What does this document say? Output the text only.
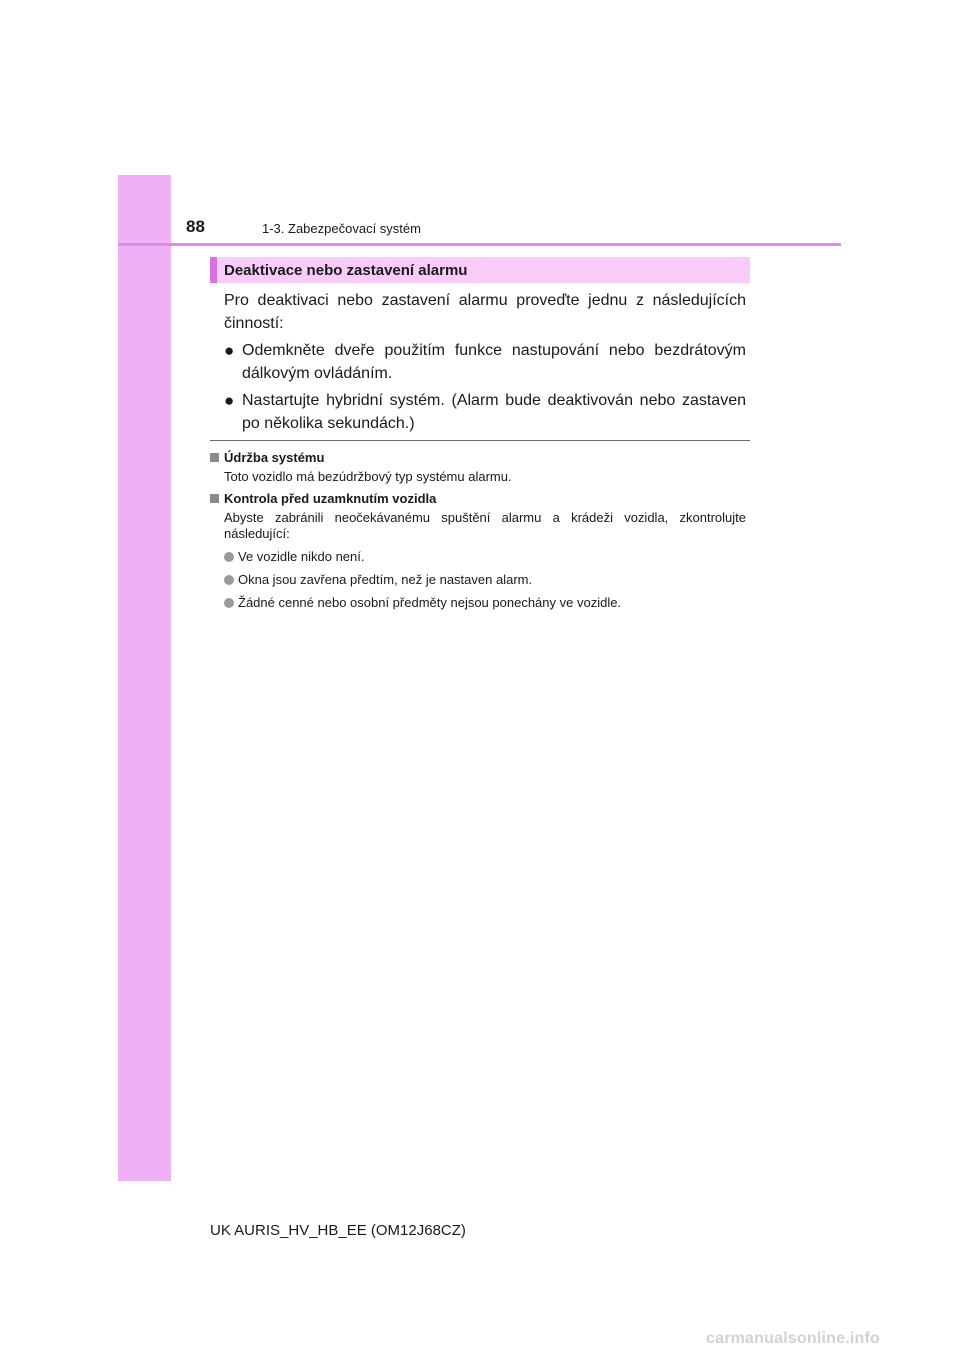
88	1-3. Zabezpečovací systém
Deaktivace nebo zastavení alarmu

Pro deaktivaci nebo zastavení alarmu proveďte jednu z následujících činností:

● Odemkněte dveře použitím funkce nastupování nebo bezdrátovým dálkovým ovládáním.
● Nastartujte hybridní systém. (Alarm bude deaktivován nebo zastaven po několika sekundách.)
Údržba systému
Toto vozidlo má bezúdržbový typ systému alarmu.
Kontrola před uzamknutím vozidla
Abyste zabránili neočekávanému spuštění alarmu a krádeži vozidla, zkontrolujte následující:
Ve vozidle nikdo není.
Okna jsou zavřena předtím, než je nastaven alarm.
Žádné cenné nebo osobní předměty nejsou ponechány ve vozidle.
UK AURIS_HV_HB_EE (OM12J68CZ)
carmanualsonline.info
